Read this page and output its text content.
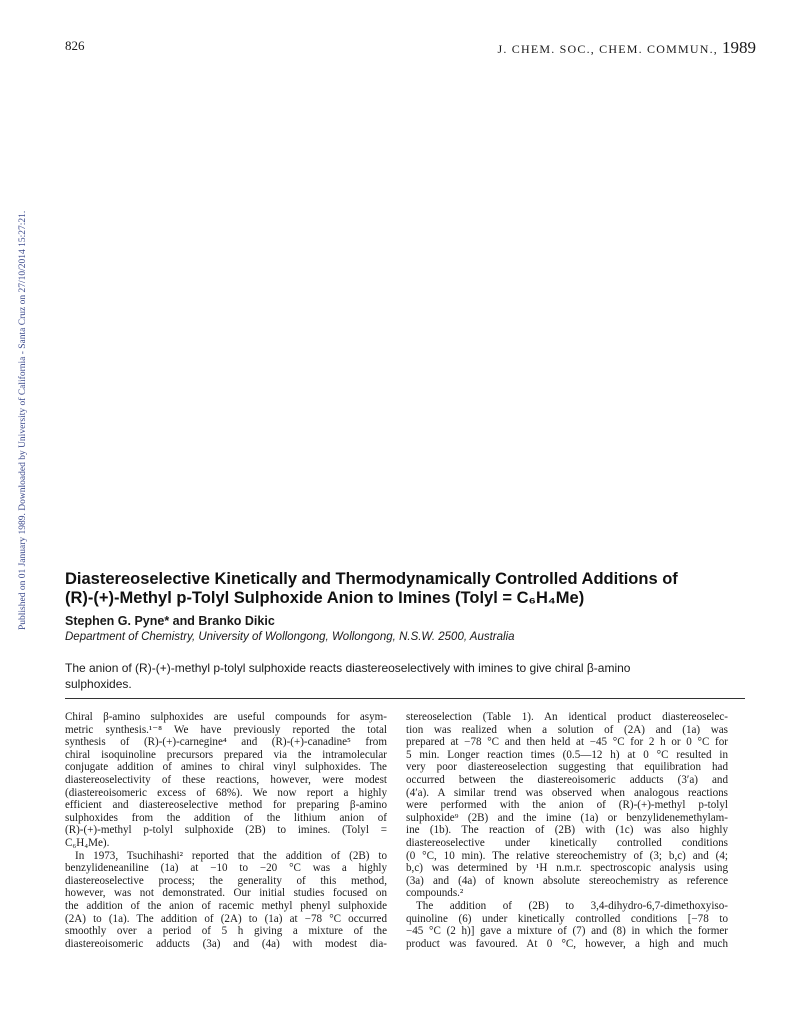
826	J. CHEM. SOC., CHEM. COMMUN., 1989
Published on 01 January 1989. Downloaded by University of California - Santa Cruz on 27/10/2014 15:27:21. Diastereoselective Kinetically and Thermodynamically Controlled Additions of
(R)-(+)-Methyl p-Tolyl Sulphoxide Anion to Imines (Tolyl = C₆H₄Me)
Stephen G. Pyne* and Branko Dikic
Department of Chemistry, University of Wollongong, Wollongong, N.S.W. 2500, Australia
The anion of (R)-(+)-methyl p-tolyl sulphoxide reacts diastereoselectively with imines to give chiral β-amino
sulphoxides.
Chiral β-amino sulphoxides are useful compounds for asym-
metric synthesis.¹⁻⁸ We have previously reported the total
synthesis of (R)-(+)-carnegine⁴ and (R)-(+)-canadine⁵ from
chiral isoquinoline precursors prepared via the intramolecular
conjugate addition of amines to chiral vinyl sulphoxides. The
diastereoselectivity of these reactions, however, were modest
(diastereoisomeric excess of 68%). We now report a highly
efficient and diastereoselective method for preparing β-amino
sulphoxides from the addition of the lithium anion of
(R)-(+)-methyl p-tolyl sulphoxide (2B) to imines. (Tolyl =
C₆H₄Me).
In 1973, Tsuchihashi² reported that the addition of (2B) to
benzylideneaniline (1a) at −10 to −20 °C was a highly
diastereoselective process; the generality of this method,
however, was not demonstrated. Our initial studies focused on
the addition of the anion of racemic methyl phenyl sulphoxide
(2A) to (1a). The addition of (2A) to (1a) at −78 °C occurred
smoothly over a period of 5 h giving a mixture of the
diastereoisomeric adducts (3a) and (4a) with modest dia-
stereoselection (Table 1). An identical product diastereoselec-
tion was realized when a solution of (2A) and (1a) was
prepared at −78 °C and then held at −45 °C for 2 h or 0 °C for
5 min. Longer reaction times (0.5—12 h) at 0 °C resulted in
very poor diastereoselection suggesting that equilibration had
occurred between the diastereoisomeric adducts (3′a) and
(4′a). A similar trend was observed when analogous reactions
were performed with the anion of (R)-(+)-methyl p-tolyl
sulphoxide⁹ (2B) and the imine (1a) or benzylidenemethylam-
ine (1b). The reaction of (2B) with (1c) was also highly
diastereoselective under kinetically controlled conditions
(0 °C, 10 min). The relative stereochemistry of (3; b,c) and (4;
b,c) was determined by ¹H n.m.r. spectroscopic analysis using
(3a) and (4a) of known absolute stereochemistry as reference
compounds.²
The addition of (2B) to 3,4-dihydro-6,7-dimethoxyiso-
quinoline (6) under kinetically controlled conditions [−78 to
−45 °C (2 h)] gave a mixture of (7) and (8) in which the former
product was favoured. At 0 °C, however, a high and much
